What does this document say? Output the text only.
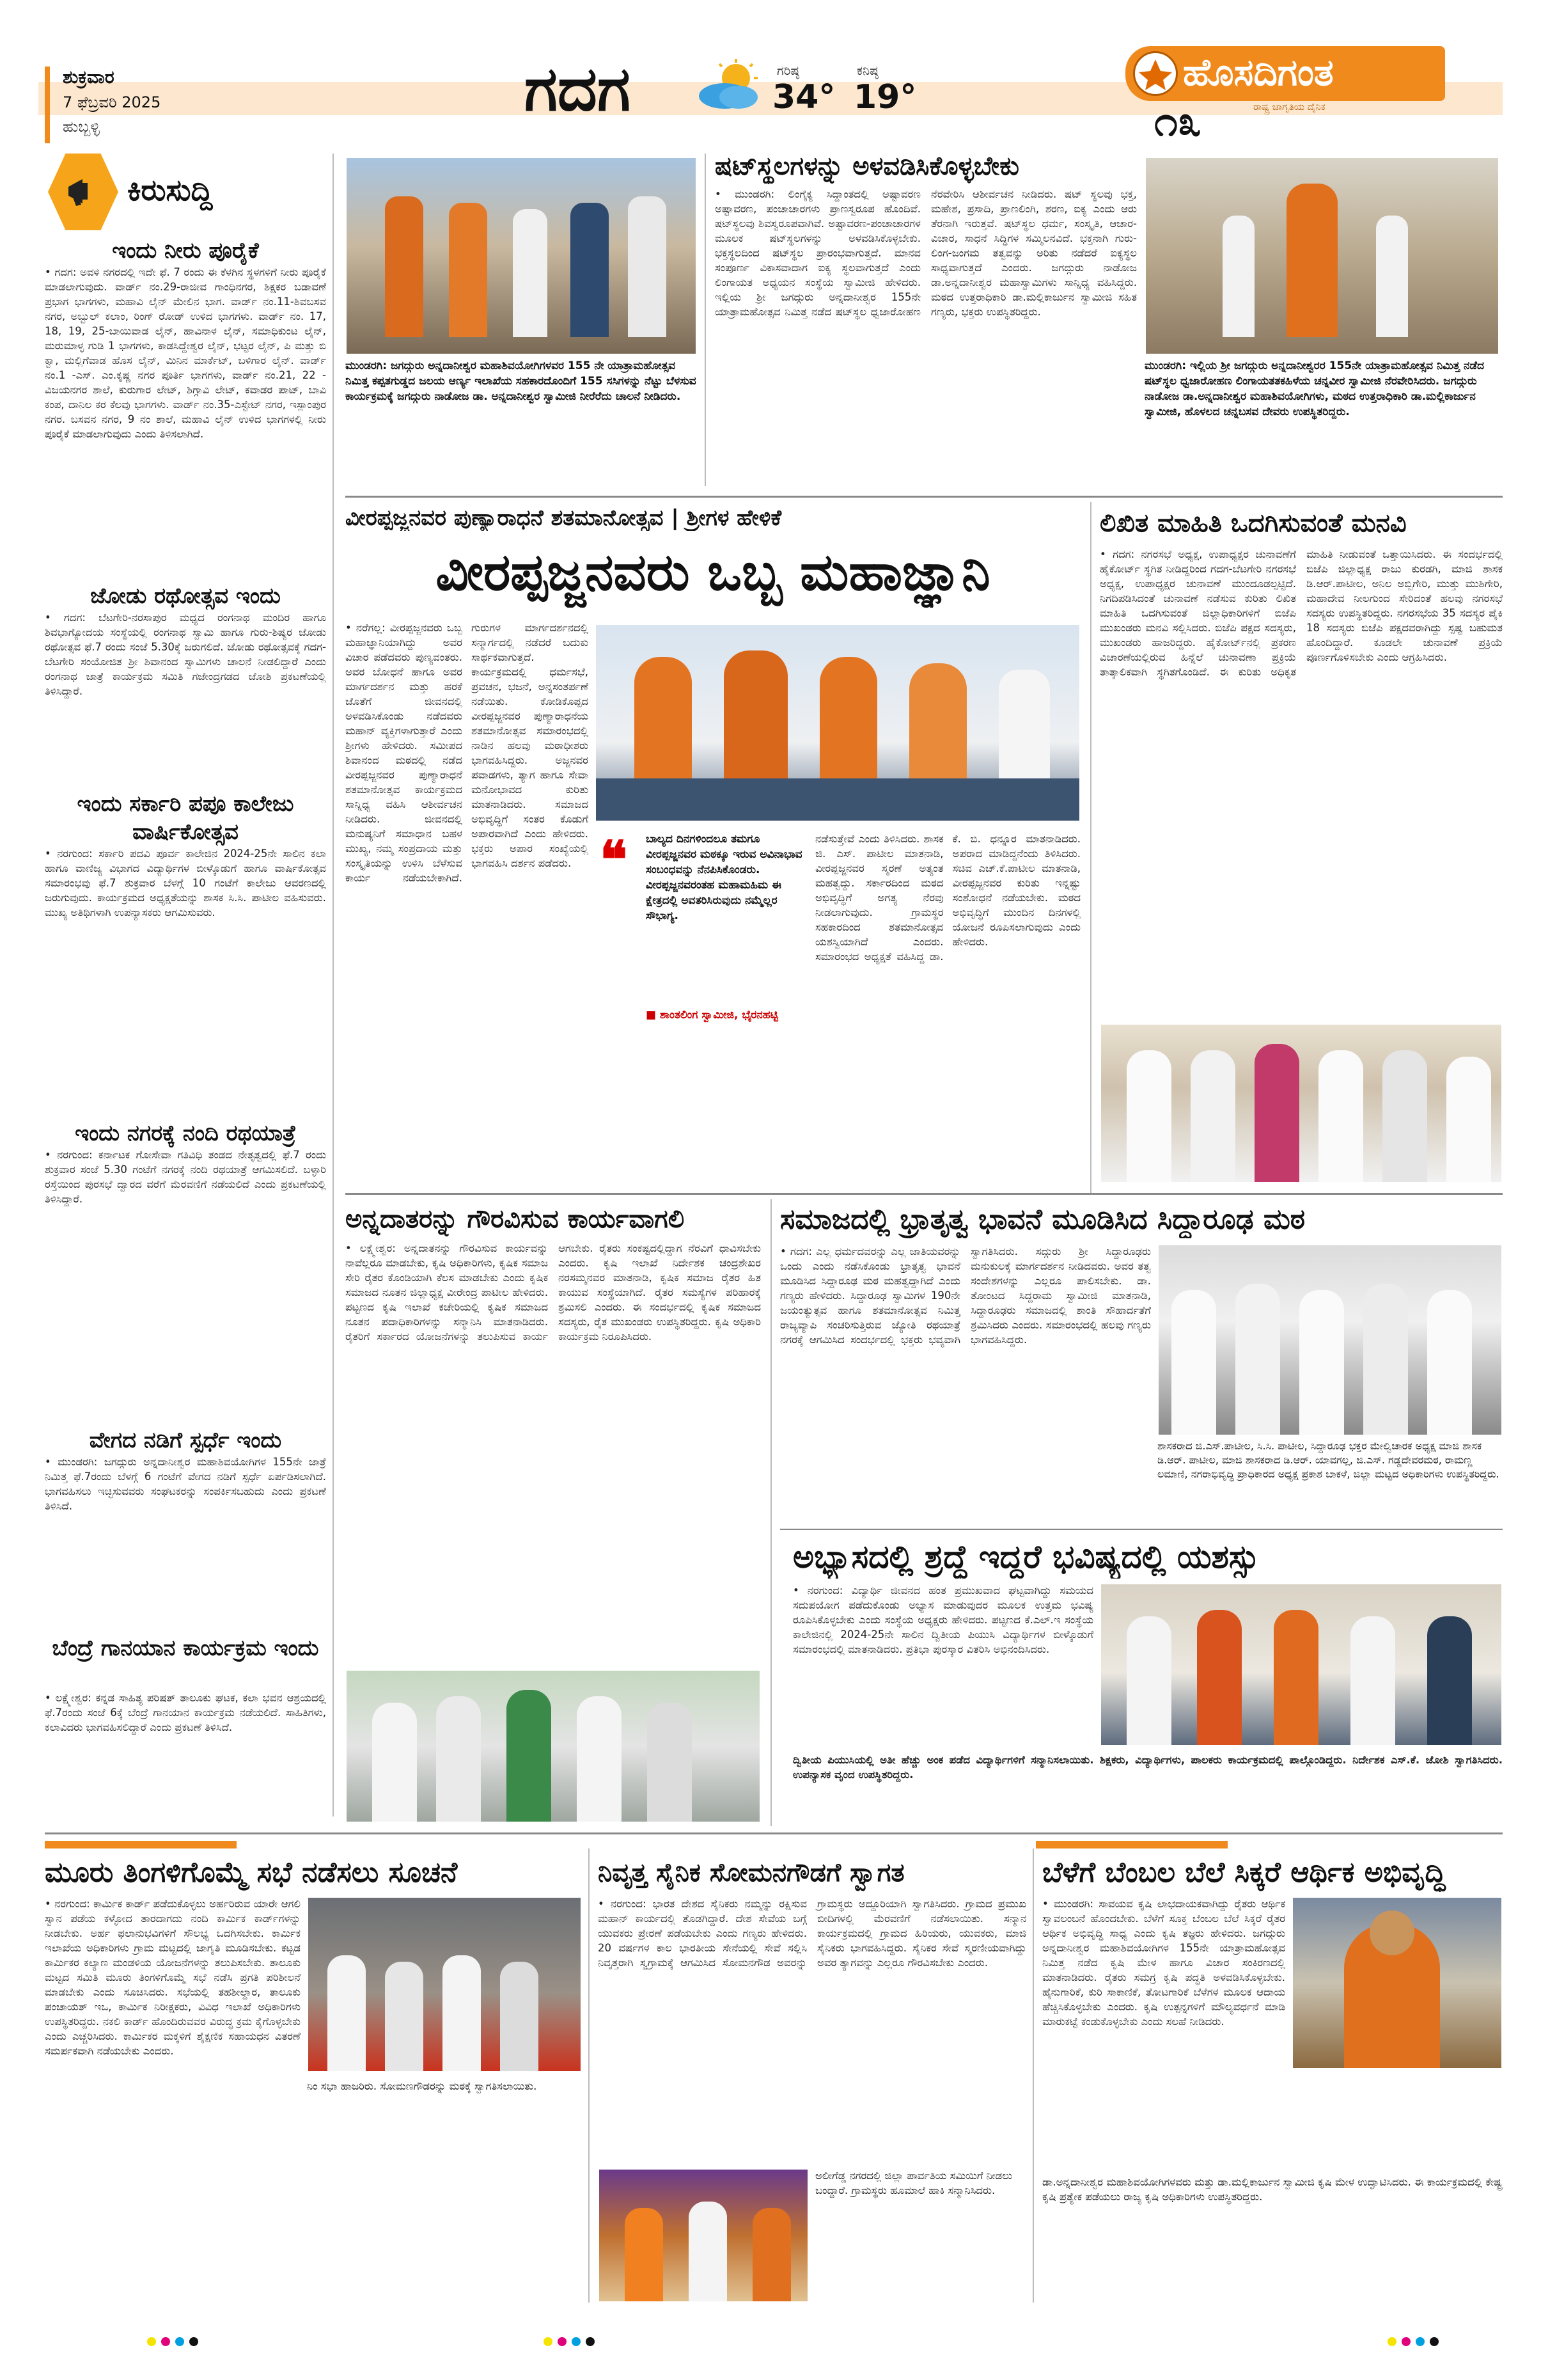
ಶುಕ್ರವಾರ
7 ಫೆಬ್ರವರಿ 2025
ಹುಬ್ಬಳ್ಳಿ
ಗದಗ	ಗರಿಷ್ಠ
34°
ಕನಿಷ್ಠ
19°
ಹೊಸದಿಗಂತ
ರಾಷ್ಟ್ರ ಜಾಗೃತಿಯ ದೈನಿಕ
೧೩
ಕಿರುಸುದ್ದಿ
ಇಂದು ನೀರು ಪೂರೈಕೆ
• ಗದಗ: ಅವಳಿ ನಗರದಲ್ಲಿ ಇದೇ ಫೆ. 7 ರಂದು ಈ ಕೆಳಗಿನ ಸ್ಥಳಗಳಿಗೆ ನೀರು ಪೂರೈಕೆ ಮಾಡಲಾಗುವುದು. ವಾರ್ಡ್ ನಂ.29-ರಾಜೀವ ಗಾಂಧಿನಗರ, ಶಿಕ್ಷಕರ ಬಡಾವಣೆ ಪ್ರಭಾಗ ಭಾಗಗಳು, ಮಹಾವಿ ಲೈನ್ ಮೇಲಿನ ಭಾಗ. ವಾರ್ಡ್ ನಂ.11-ಶಿವಬಸವ ನಗರ, ಅಬ್ಬುಲ್ ಕಲಾಂ, ರಿಂಗ್ ರೋಡ್ ಉಳಿದ ಭಾಗಗಳು. ವಾರ್ಡ್ ನಂ. 17, 18, 19, 25-ಬಾಯಿವಾಡ ಲೈನ್, ಹಾವಿನಾಳ ಲೈನ್, ಸಮಾಧಿಕುಂಟ ಲೈನ್, ಮರುಮಾಳ್ಳ ಗುಡಿ 1 ಭಾಗಗಳು, ಕಾಡಸಿದ್ದೇಶ್ವರ ಲೈನ್, ಭಟ್ಟರ ಲೈನ್, ಪಿ ಮತ್ತು ಬಿ ಕ್ವಾ, ಮಲ್ಲಿಗೆವಾಡ ಹೊಸ ಲೈನ್, ಮಿನಿನ ಮಾರ್ಕೆಟ್, ಬಳಿಗಾರ ಲೈನ್. ವಾರ್ಡ್ ನಂ.1 -ಎಸ್. ಎಂ.ಕೃಷ್ಣ ನಗರ ಪೂರ್ತಿ ಭಾಗಗಳು, ವಾರ್ಡ್ ನಂ.21, 22 - ವಿಜಯನಗರ ಶಾಲೆ, ಕುರುಗಾರ ಲೇಟ್, ಶಿಗ್ಗಾವಿ ಲೇಟ್, ಕವಾಡರ ಪಾಟ್, ಬಾವಿ ಕಂಪ, ದಾನಿಲ ಕರ ಕೆಲವು ಭಾಗಗಳು. ವಾರ್ಡ್ ನಂ.35-ಎಸ್ಟೇಟ್ ನಗರ, ಇಸ್ಲಾಂಪುರ ನಗರ. ಬಸವನ ನಗರ, 9 ನಂ ಶಾಲೆ, ಮಹಾವಿ ಲೈನ್ ಉಳಿದ ಭಾಗಗಳಲ್ಲಿ ನೀರು ಪೂರೈಕೆ ಮಾಡಲಾಗುವುದು ಎಂದು ತಿಳಿಸಲಾಗಿದೆ.
ಜೋಡು ರಥೋತ್ಸವ ಇಂದು
• ಗದಗ: ಬೆಟಗೇರಿ-ನರಸಾಪುರ ಮಧ್ಯದ ರಂಗನಾಥ ಮಂದಿರ ಹಾಗೂ ಶಿವಭಾಗ್ಯೋದಯ ಸಂಸ್ಥೆಯಲ್ಲಿ ರಂಗನಾಥ ಸ್ವಾಮಿ ಹಾಗೂ ಗುರು-ಶಿಷ್ಯರ ಜೋಡು ರಥೋತ್ಸವ ಫೆ.7 ರಂದು ಸಂಜೆ 5.30ಕ್ಕೆ ಜರುಗಲಿದೆ. ಜೋಡು ರಥೋತ್ಸವಕ್ಕೆ ಗದಗ-ಬೆಟಗೇರಿ ಸಂಯೋಜಿತ ಶ್ರೀ ಶಿವಾನಂದ ಸ್ವಾಮಿಗಳು ಚಾಲನೆ ನೀಡಲಿದ್ದಾರೆ ಎಂದು ರಂಗನಾಥ ಜಾತ್ರೆ ಕಾರ್ಯಕ್ರಮ ಸಮಿತಿ ಗಜೇಂದ್ರಗಡದ ಜೋಶಿ ಪ್ರಕಟಣೆಯಲ್ಲಿ ತಿಳಿಸಿದ್ದಾರೆ.
ಇಂದು ಸರ್ಕಾರಿ ಪಪೂ ಕಾಲೇಜು ವಾರ್ಷಿಕೋತ್ಸವ
• ನರಗುಂದ: ಸರ್ಕಾರಿ ಪದವಿ ಪೂರ್ವ ಕಾಲೇಜಿನ 2024-25ನೇ ಸಾಲಿನ ಕಲಾ ಹಾಗೂ ವಾಣಿಜ್ಯ ವಿಭಾಗದ ವಿದ್ಯಾರ್ಥಿಗಳ ಬೀಳ್ಕೊಡುಗೆ ಹಾಗೂ ವಾರ್ಷಿಕೋತ್ಸವ ಸಮಾರಂಭವು ಫೆ.7 ಶುಕ್ರವಾರ ಬೆಳಗ್ಗೆ 10 ಗಂಟೆಗೆ ಕಾಲೇಜು ಆವರಣದಲ್ಲಿ ಜರುಗುವುದು. ಕಾರ್ಯಕ್ರಮದ ಅಧ್ಯಕ್ಷತೆಯನ್ನು ಶಾಸಕ ಸಿ.ಸಿ. ಪಾಟೀಲ ವಹಿಸುವರು. ಮುಖ್ಯ ಅತಿಥಿಗಳಾಗಿ ಉಪನ್ಯಾಸಕರು ಆಗಮಿಸುವರು.
ಇಂದು ನಗರಕ್ಕೆ ನಂದಿ ರಥಯಾತ್ರೆ
• ನರಗುಂದ: ಕರ್ನಾಟಕ ಗೋಸೇವಾ ಗತಿವಿಧಿ ತಂಡದ ನೇತೃತ್ವದಲ್ಲಿ ಫೆ.7 ರಂದು ಶುಕ್ರವಾರ ಸಂಜೆ 5.30 ಗಂಟೆಗೆ ನಗರಕ್ಕೆ ನಂದಿ ರಥಯಾತ್ರೆ ಆಗಮಿಸಲಿದೆ. ಬಳ್ಳಾರಿ ರಸ್ತೆಯಿಂದ ಪುರಸಭೆ ದ್ವಾರದ ವರೆಗೆ ಮೆರವಣಿಗೆ ನಡೆಯಲಿದೆ ಎಂದು ಪ್ರಕಟಣೆಯಲ್ಲಿ ತಿಳಿಸಿದ್ದಾರೆ.
ವೇಗದ ನಡಿಗೆ ಸ್ಪರ್ಧೆ ಇಂದು
• ಮುಂಡರಗಿ: ಜಗದ್ಗುರು ಅನ್ನದಾನೀಶ್ವರ ಮಹಾಶಿವಯೋಗಿಗಳ 155ನೇ ಜಾತ್ರೆ ನಿಮಿತ್ತ ಫೆ.7ರಂದು ಬೆಳಗ್ಗೆ 6 ಗಂಟೆಗೆ ವೇಗದ ನಡಿಗೆ ಸ್ಪರ್ಧೆ ಏರ್ಪಡಿಸಲಾಗಿದೆ. ಭಾಗವಹಿಸಲು ಇಚ್ಛಿಸುವವರು ಸಂಘಟಕರನ್ನು ಸಂಪರ್ಕಿಸಬಹುದು ಎಂದು ಪ್ರಕಟಣೆ ತಿಳಿಸಿದೆ.
ಬೆಂದ್ರೆ ಗಾನಯಾನ ಕಾರ್ಯಕ್ರಮ ಇಂದು
• ಲಕ್ಷ್ಮೇಶ್ವರ: ಕನ್ನಡ ಸಾಹಿತ್ಯ ಪರಿಷತ್ ತಾಲೂಕು ಘಟಕ, ಕಲಾ ಭವನ ಆಶ್ರಯದಲ್ಲಿ ಫೆ.7ರಂದು ಸಂಜೆ 6ಕ್ಕೆ ಬೆಂದ್ರೆ ಗಾನಯಾನ ಕಾರ್ಯಕ್ರಮ ನಡೆಯಲಿದೆ. ಸಾಹಿತಿಗಳು, ಕಲಾವಿದರು ಭಾಗವಹಿಸಲಿದ್ದಾರೆ ಎಂದು ಪ್ರಕಟಣೆ ತಿಳಿಸಿದೆ.
ಮುಂಡರಗಿ: ಜಗದ್ಗುರು ಅನ್ನದಾನೀಶ್ವರ ಮಹಾಶಿವಯೋಗಿಗಳವರ 155 ನೇ ಯಾತ್ರಾಮಹೋತ್ಸವ ನಿಮಿತ್ತ ಕಪ್ಪತಗುಡ್ಡದ ಜಲಯ ಆರ್ಣ್ಯ ಇಲಾಖೆಯ ಸಹಕಾರದೊಂದಿಗೆ 155 ಸಸಿಗಳನ್ನು ನೆಟ್ಟು ಬೆಳಸುವ ಕಾರ್ಯಕ್ರಮಕ್ಕೆ ಜಗದ್ಗುರು ನಾಡೋಜ ಡಾ. ಅನ್ನದಾನೀಶ್ವರ ಸ್ವಾಮೀಜಿ ನೀರೆರೆದು ಚಾಲನೆ ನೀಡಿದರು.
ಷಟ್‌ಸ್ಥಲಗಳನ್ನು ಅಳವಡಿಸಿಕೊಳ್ಳಬೇಕು
• ಮುಂಡರಗಿ: ಲಿಂಗೈಕ್ಯ ಸಿದ್ದಾಂತದಲ್ಲಿ ಅಷ್ಟಾವರಣ ಅಷ್ಟಾವರಣ, ಪಂಚಾಚಾರಗಳು ಪ್ರಾಣಸ್ವರೂಪ ಹೊಂದಿವೆ. ಷಟ್‌ಸ್ಥಲವು ಶಿವಸ್ವರೂಪವಾಗಿವೆ. ಅಷ್ಟಾವರಣ-ಪಂಚಾಚಾರಗಳ ಮೂಲಕ ಷಟ್‌ಸ್ಥಲಗಳನ್ನು ಅಳವಡಿಸಿಕೊಳ್ಳಬೇಕು. ಭಕ್ತಸ್ಥಲದಿಂದ ಷಟ್‌ಸ್ಥಲ ಪ್ರಾರಂಭವಾಗುತ್ತದೆ. ಮಾನವ ಸಂಪೂರ್ಣ ವಿಕಾಸವಾದಾಗ ಐಕ್ಯ ಸ್ಥಲವಾಗುತ್ತದೆ ಎಂದು ಲಿಂಗಾಯತ ಅಧ್ಯಯನ ಸಂಸ್ಥೆಯ ಸ್ವಾಮೀಜಿ ಹೇಳಿದರು. ಇಲ್ಲಿಯ ಶ್ರೀ ಜಗದ್ಗುರು ಅನ್ನದಾನೀಶ್ವರ 155ನೇ ಯಾತ್ರಾಮಹೋತ್ಸವ ನಿಮಿತ್ತ ನಡೆದ ಷಟ್‌ಸ್ಥಲ ಧ್ವಜಾರೋಹಣ ನೆರವೇರಿಸಿ ಆಶೀರ್ವಚನ ನೀಡಿದರು. ಷಟ್ ಸ್ಥಲವು ಭಕ್ತ, ಮಹೇಶ, ಪ್ರಸಾದಿ, ಪ್ರಾಣಲಿಂಗಿ, ಶರಣ, ಐಕ್ಯ ಎಂದು ಆರು ತೆರನಾಗಿ ಇರುತ್ತವೆ. ಷಟ್‌ಸ್ಥಲ ಧರ್ಮ, ಸಂಸ್ಕೃತಿ, ಆಚಾರ-ವಿಚಾರ, ಸಾಧನೆ ಸಿದ್ಧಿಗಳ ಸಮ್ಮಿಲನವಿದೆ. ಭಕ್ತನಾಗಿ ಗುರು-ಲಿಂಗ-ಜಂಗಮ ತತ್ವವನ್ನು ಅರಿತು ನಡೆದರೆ ಐಕ್ಯಸ್ಥಲ ಸಾಧ್ಯವಾಗುತ್ತದೆ ಎಂದರು. ಜಗದ್ಗುರು ನಾಡೋಜ ಡಾ.ಅನ್ನದಾನೀಶ್ವರ ಮಹಾಸ್ವಾಮಿಗಳು ಸಾನ್ನಿಧ್ಯ ವಹಿಸಿದ್ದರು. ಮಠದ ಉತ್ತರಾಧಿಕಾರಿ ಡಾ.ಮಲ್ಲಿಕಾರ್ಜುನ ಸ್ವಾಮೀಜಿ ಸಹಿತ ಗಣ್ಯರು, ಭಕ್ತರು ಉಪಸ್ಥಿತರಿದ್ದರು.
ಮುಂಡರಗಿ: ಇಲ್ಲಿಯ ಶ್ರೀ ಜಗದ್ಗುರು ಅನ್ನದಾನೀಶ್ವರರ 155ನೇ ಯಾತ್ರಾಮಹೋತ್ಸವ ನಿಮಿತ್ತ ನಡೆದ ಷಟ್‌ಸ್ಥಲ ಧ್ವಜಾರೋಹಣ ಲಿಂಗಾಯತತಕಹಿಳೆಯ ಚನ್ನವೀರ ಸ್ವಾಮೀಜಿ ನೆರವೇರಿಸಿದರು. ಜಗದ್ಗುರು ನಾಡೋಜ ಡಾ.ಅನ್ನದಾನೀಶ್ವರ ಮಹಾಶಿವಯೋಗಿಗಳು, ಮಠದ ಉತ್ತರಾಧಿಕಾರಿ ಡಾ.ಮಲ್ಲಿಕಾರ್ಜುನ ಸ್ವಾಮೀಜಿ, ಹೊಳಲದ ಚನ್ನಬಸವ ದೇವರು ಉಪಸ್ಥಿತರಿದ್ದರು.
ವೀರಪ್ಪಜ್ಜನವರ ಪುಣ್ಯಾರಾಧನೆ ಶತಮಾನೋತ್ಸವ | ಶ್ರೀಗಳ ಹೇಳಿಕೆ
ವೀರಪ್ಪಜ್ಜನವರು ಒಬ್ಬ ಮಹಾಜ್ಞಾನಿ
• ನರೆಗಲ್ಲ: ವೀರಪ್ಪಜ್ಜನವರು ಒಬ್ಬ ಮಹಾಜ್ಞಾನಿಯಾಗಿದ್ದು ಅವರ ವಿಚಾರ ಪಡೆದವರು ಪುಣ್ಯವಂತರು. ಅವರ ಬೋಧನೆ ಹಾಗೂ ಅವರ ಮಾರ್ಗದರ್ಶನ ಮತ್ತು ಹರಕೆ ಜೊತೆಗೆ ಜೀವನದಲ್ಲಿ ಅಳವಡಿಸಿಕೊಂಡು ನಡೆದವರು ಮಹಾನ್ ವ್ಯಕ್ತಿಗಳಾಗುತ್ತಾರೆ ಎಂದು ಶ್ರೀಗಳು ಹೇಳಿದರು. ಸಮೀಪದ ಶಿವಾನಂದ ಮಠದಲ್ಲಿ ನಡೆದ ವೀರಪ್ಪಜ್ಜನವರ ಪುಣ್ಯಾರಾಧನೆ ಶತಮಾನೋತ್ಸವ ಕಾರ್ಯಕ್ರಮದ ಸಾನ್ನಿಧ್ಯ ವಹಿಸಿ ಆಶೀರ್ವಚನ ನೀಡಿದರು. ಜೀವನದಲ್ಲಿ ಮನುಷ್ಯನಿಗೆ ಸಮಾಧಾನ ಬಹಳ ಮುಖ್ಯ, ನಮ್ಮ ಸಂಪ್ರದಾಯ ಮತ್ತು ಸಂಸ್ಕೃತಿಯನ್ನು ಉಳಿಸಿ ಬೆಳೆಸುವ ಕಾರ್ಯ ನಡೆಯಬೇಕಾಗಿದೆ. ಗುರುಗಳ ಮಾರ್ಗದರ್ಶನದಲ್ಲಿ ಸನ್ಮಾರ್ಗದಲ್ಲಿ ನಡೆದರೆ ಬದುಕು ಸಾರ್ಥಕವಾಗುತ್ತದೆ. ಕಾರ್ಯಕ್ರಮದಲ್ಲಿ ಧರ್ಮಸಭೆ, ಪ್ರವಚನ, ಭಜನೆ, ಅನ್ನಸಂತರ್ಪಣೆ ನಡೆಯಿತು. ಕೋಡಿಕೊಪ್ಪದ ವೀರಪ್ಪಜ್ಜನವರ ಪುಣ್ಯಾರಾಧನೆಯ ಶತಮಾನೋತ್ಸವ ಸಮಾರಂಭದಲ್ಲಿ ನಾಡಿನ ಹಲವು ಮಠಾಧೀಶರು ಭಾಗವಹಿಸಿದ್ದರು. ಅಜ್ಜನವರ ಪವಾಡಗಳು, ತ್ಯಾಗ ಹಾಗೂ ಸೇವಾ ಮನೋಭಾವದ ಕುರಿತು ಮಾತನಾಡಿದರು. ಸಮಾಜದ ಅಭಿವೃದ್ಧಿಗೆ ಸಂತರ ಕೊಡುಗೆ ಅಪಾರವಾಗಿದೆ ಎಂದು ಹೇಳಿದರು. ಭಕ್ತರು ಅಪಾರ ಸಂಖ್ಯೆಯಲ್ಲಿ ಭಾಗವಹಿಸಿ ದರ್ಶನ ಪಡೆದರು. ❝ ಬಾಲ್ಯದ ದಿನಗಳಿಂದಲೂ ತಮಗೂ ವೀರಪ್ಪಜ್ಜನವರ ಮಠಕ್ಕೂ ಇರುವ ಅವಿನಾಭಾವ ಸಂಬಂಧವನ್ನು ನೆನಪಿಸಿಕೊಂಡರು. ವೀರಪ್ಪಜ್ಜನವರಂತಹ ಮಹಾಮಹಿಮ ಈ ಕ್ಷೇತ್ರದಲ್ಲಿ ಅವತರಿಸಿರುವುದು ನಮ್ಮೆಲ್ಲರ ಸೌಭಾಗ್ಯ.
■ ಶಾಂತಲಿಂಗ ಸ್ವಾಮೀಜಿ, ಭೈರನಹಟ್ಟಿ
ನಡೆಸುತ್ತೇವೆ ಎಂದು ತಿಳಿಸಿದರು. ಶಾಸಕ ಜಿ. ಎಸ್. ಪಾಟೀಲ ಮಾತನಾಡಿ, ವೀರಪ್ಪಜ್ಜನವರ ಸ್ಮರಣೆ ಅತ್ಯಂತ ಮಹತ್ವದ್ದು. ಸರ್ಕಾರದಿಂದ ಮಠದ ಅಭಿವೃದ್ಧಿಗೆ ಅಗತ್ಯ ನೆರವು ನೀಡಲಾಗುವುದು. ಗ್ರಾಮಸ್ಥರ ಸಹಕಾರದಿಂದ ಶತಮಾನೋತ್ಸವ ಯಶಸ್ವಿಯಾಗಿದೆ ಎಂದರು. ಸಮಾರಂಭದ ಅಧ್ಯಕ್ಷತೆ ವಹಿಸಿದ್ದ ಡಾ. ಕೆ. ಬಿ. ಧನ್ನೂರ ಮಾತನಾಡಿದರು. ಅಪರಾದ ಮಾಡಿದ್ದನೆಂದು ತಿಳಿಸಿದರು. ಸಚಿವ ಎಚ್.ಕೆ.ಪಾಟೀಲ ಮಾತನಾಡಿ, ವೀರಪ್ಪಜ್ಜನವರ ಕುರಿತು ಇನ್ನಷ್ಟು ಸಂಶೋಧನೆ ನಡೆಯಬೇಕು. ಮಠದ ಅಭಿವೃದ್ಧಿಗೆ ಮುಂದಿನ ದಿನಗಳಲ್ಲಿ ಯೋಜನೆ ರೂಪಿಸಲಾಗುವುದು ಎಂದು ಹೇಳಿದರು.
ಲಿಖಿತ ಮಾಹಿತಿ ಒದಗಿಸುವಂತೆ ಮನವಿ
• ಗದಗ: ನಗರಸಭೆ ಅಧ್ಯಕ್ಷ, ಉಪಾಧ್ಯಕ್ಷರ ಚುನಾವಣೆಗೆ ಹೈಕೋರ್ಟ್ ಸ್ಥಗಿತ ನೀಡಿದ್ದರಿಂದ ಗದಗ-ಬೆಟಗೇರಿ ನಗರಸಭೆ ಅಧ್ಯಕ್ಷ, ಉಪಾಧ್ಯಕ್ಷರ ಚುನಾವಣೆ ಮುಂದೂಡಲ್ಪಟ್ಟಿದೆ. ನಿಗದಿಪಡಿಸಿದಂತೆ ಚುನಾವಣೆ ನಡೆಸುವ ಕುರಿತು ಲಿಖಿತ ಮಾಹಿತಿ ಒದಗಿಸುವಂತೆ ಜಿಲ್ಲಾಧಿಕಾರಿಗಳಿಗೆ ಬಿಜೆಪಿ ಮುಖಂಡರು ಮನವಿ ಸಲ್ಲಿಸಿದರು. ಬಿಜೆಪಿ ಪಕ್ಷದ ಸದಸ್ಯರು, ಮುಖಂಡರು ಹಾಜರಿದ್ದರು. ಹೈಕೋರ್ಟ್‌ನಲ್ಲಿ ಪ್ರಕರಣ ವಿಚಾರಣೆಯಲ್ಲಿರುವ ಹಿನ್ನೆಲೆ ಚುನಾವಣಾ ಪ್ರಕ್ರಿಯೆ ತಾತ್ಕಾಲಿಕವಾಗಿ ಸ್ಥಗಿತಗೊಂಡಿದೆ. ಈ ಕುರಿತು ಅಧಿಕೃತ ಮಾಹಿತಿ ನೀಡುವಂತೆ ಒತ್ತಾಯಿಸಿದರು. ಈ ಸಂದರ್ಭದಲ್ಲಿ ಬಿಜೆಪಿ ಜಿಲ್ಲಾಧ್ಯಕ್ಷ ರಾಜು ಕುರಡಗಿ, ಮಾಜಿ ಶಾಸಕ ಡಿ.ಆರ್.ಪಾಟೀಲ, ಅನಿಲ ಅಬ್ಬಿಗೇರಿ, ಮುತ್ತು ಮುಶಿಗೇರಿ, ಮಹಾದೇವ ನೀಲಗುಂದ ಸೇರಿದಂತೆ ಹಲವು ನಗರಸಭೆ ಸದಸ್ಯರು ಉಪಸ್ಥಿತರಿದ್ದರು. ನಗರಸಭೆಯ 35 ಸದಸ್ಯರ ಪೈಕಿ 18 ಸದಸ್ಯರು ಬಿಜೆಪಿ ಪಕ್ಷದವರಾಗಿದ್ದು ಸ್ಪಷ್ಟ ಬಹುಮತ ಹೊಂದಿದ್ದಾರೆ. ಕೂಡಲೇ ಚುನಾವಣೆ ಪ್ರಕ್ರಿಯೆ ಪೂರ್ಣಗೊಳಿಸಬೇಕು ಎಂದು ಆಗ್ರಹಿಸಿದರು.
ಅನ್ನದಾತರನ್ನು ಗೌರವಿಸುವ ಕಾರ್ಯವಾಗಲಿ
• ಲಕ್ಷ್ಮೇಶ್ವರ: ಅನ್ನದಾತನನ್ನು ಗೌರವಿಸುವ ಕಾರ್ಯವನ್ನು ನಾವೆಲ್ಲರೂ ಮಾಡಬೇಕು, ಕೃಷಿ ಅಧಿಕಾರಿಗಳು, ಕೃಷಿಕ ಸಮಾಜ ಸೇರಿ ರೈತರ ಕೊಂಡಿಯಾಗಿ ಕೆಲಸ ಮಾಡಬೇಕು ಎಂದು ಕೃಷಿಕ ಸಮಾಜದ ನೂತನ ಜಿಲ್ಲಾಧ್ಯಕ್ಷ ವೀರೇಂದ್ರ ಪಾಟೀಲ ಹೇಳಿದರು. ಪಟ್ಟಣದ ಕೃಷಿ ಇಲಾಖೆ ಕಚೇರಿಯಲ್ಲಿ ಕೃಷಿಕ ಸಮಾಜದ ನೂತನ ಪದಾಧಿಕಾರಿಗಳನ್ನು ಸನ್ಮಾನಿಸಿ ಮಾತನಾಡಿದರು. ರೈತರಿಗೆ ಸರ್ಕಾರದ ಯೋಜನೆಗಳನ್ನು ತಲುಪಿಸುವ ಕಾರ್ಯ ಆಗಬೇಕು. ರೈತರು ಸಂಕಷ್ಟದಲ್ಲಿದ್ದಾಗ ನೆರವಿಗೆ ಧಾವಿಸಬೇಕು ಎಂದರು. ಕೃಷಿ ಇಲಾಖೆ ನಿರ್ದೇಶಕ ಚಂದ್ರಶೇಖರ ನರಸಮ್ಮನವರ ಮಾತನಾಡಿ, ಕೃಷಿಕ ಸಮಾಜ ರೈತರ ಹಿತ ಕಾಯುವ ಸಂಸ್ಥೆಯಾಗಿದೆ. ರೈತರ ಸಮಸ್ಯೆಗಳ ಪರಿಹಾರಕ್ಕೆ ಶ್ರಮಿಸಲಿ ಎಂದರು. ಈ ಸಂದರ್ಭದಲ್ಲಿ ಕೃಷಿಕ ಸಮಾಜದ ಸದಸ್ಯರು, ರೈತ ಮುಖಂಡರು ಉಪಸ್ಥಿತರಿದ್ದರು. ಕೃಷಿ ಅಧಿಕಾರಿ ಕಾರ್ಯಕ್ರಮ ನಿರೂಪಿಸಿದರು.
ಸಮಾಜದಲ್ಲಿ ಭ್ರಾತೃತ್ವ ಭಾವನೆ ಮೂಡಿಸಿದ ಸಿದ್ದಾರೂಢ ಮಠ
• ಗದಗ: ಎಲ್ಲ ಧರ್ಮದವರನ್ನು ಎಲ್ಲ ಜಾತಿಯವರನ್ನು ಒಂದು ಎಂದು ನಡೆಸಿಕೊಂಡು ಭ್ರಾತೃತ್ವ ಭಾವನೆ ಮೂಡಿಸಿದ ಸಿದ್ದಾರೂಢ ಮಠ ಮಹತ್ವದ್ದಾಗಿದೆ ಎಂದು ಗಣ್ಯರು ಹೇಳಿದರು. ಸಿದ್ದಾರೂಢ ಸ್ವಾಮಿಗಳ 190ನೇ ಜಯಂತ್ಯುತ್ಸವ ಹಾಗೂ ಶತಮಾನೋತ್ಸವ ನಿಮಿತ್ತ ರಾಜ್ಯವ್ಯಾಪಿ ಸಂಚರಿಸುತ್ತಿರುವ ಜ್ಯೋತಿ ರಥಯಾತ್ರೆ ನಗರಕ್ಕೆ ಆಗಮಿಸಿದ ಸಂದರ್ಭದಲ್ಲಿ ಭಕ್ತರು ಭವ್ಯವಾಗಿ ಸ್ವಾಗತಿಸಿದರು. ಸದ್ಗುರು ಶ್ರೀ ಸಿದ್ದಾರೂಢರು ಮನುಕುಲಕ್ಕೆ ಮಾರ್ಗದರ್ಶನ ನೀಡಿದವರು. ಅವರ ತತ್ವ ಸಂದೇಶಗಳನ್ನು ಎಲ್ಲರೂ ಪಾಲಿಸಬೇಕು. ಡಾ. ತೋಂಟದ ಸಿದ್ದರಾಮ ಸ್ವಾಮೀಜಿ ಮಾತನಾಡಿ, ಸಿದ್ದಾರೂಢರು ಸಮಾಜದಲ್ಲಿ ಶಾಂತಿ ಸೌಹಾರ್ದತೆಗೆ ಶ್ರಮಿಸಿದರು ಎಂದರು. ಸಮಾರಂಭದಲ್ಲಿ ಹಲವು ಗಣ್ಯರು ಭಾಗವಹಿಸಿದ್ದರು.
ಶಾಸಕರಾದ ಜಿ.ಎಸ್.ಪಾಟೀಲ, ಸಿ.ಸಿ. ಪಾಟೀಲ, ಸಿದ್ದಾರೂಢ ಭಕ್ತರ ಮೇಲ್ವಿಚಾರಕ ಅಧ್ಯಕ್ಷ ಮಾಜಿ ಶಾಸಕ ಡಿ.ಆರ್. ಪಾಟೀಲ, ಮಾಜಿ ಶಾಸಕರಾದ ಡಿ.ಆರ್. ಯಾವಗಲ್ಲ, ಜಿ.ಎಸ್. ಗಡ್ಡದೇವರಮಠ, ರಾಮಣ್ಣ ಲಮಾಣಿ, ನಗರಾಭಿವೃದ್ಧಿ ಪ್ರಾಧಿಕಾರದ ಅಧ್ಯಕ್ಷ ಪ್ರಕಾಶ ಬಾಕಳೆ, ಜಿಲ್ಲಾ ಮಟ್ಟದ ಅಧಿಕಾರಿಗಳು ಉಪಸ್ಥಿತರಿದ್ದರು.
ಅಭ್ಯಾಸದಲ್ಲಿ ಶ್ರದ್ಧೆ ಇದ್ದರೆ ಭವಿಷ್ಯದಲ್ಲಿ ಯಶಸ್ಸು
• ನರಗುಂದ: ವಿದ್ಯಾರ್ಥಿ ಜೀವನದ ಹಂತ ಪ್ರಮುಖವಾದ ಘಟ್ಟವಾಗಿದ್ದು ಸಮಯದ ಸದುಪಯೋಗ ಪಡೆದುಕೊಂಡು ಅಭ್ಯಾಸ ಮಾಡುವುದರ ಮೂಲಕ ಉತ್ತಮ ಭವಿಷ್ಯ ರೂಪಿಸಿಕೊಳ್ಳಬೇಕು ಎಂದು ಸಂಸ್ಥೆಯ ಅಧ್ಯಕ್ಷರು ಹೇಳಿದರು. ಪಟ್ಟಣದ ಕೆ.ಎಲ್.ಇ ಸಂಸ್ಥೆಯ ಕಾಲೇಜಿನಲ್ಲಿ 2024-25ನೇ ಸಾಲಿನ ದ್ವಿತೀಯ ಪಿಯುಸಿ ವಿದ್ಯಾರ್ಥಿಗಳ ಬೀಳ್ಕೊಡುಗೆ ಸಮಾರಂಭದಲ್ಲಿ ಮಾತನಾಡಿದರು. ಪ್ರತಿಭಾ ಪುರಸ್ಕಾರ ವಿತರಿಸಿ ಅಭಿನಂದಿಸಿದರು.
ದ್ವಿತೀಯ ಪಿಯುಸಿಯಲ್ಲಿ ಅತೀ ಹೆಚ್ಚು ಅಂಕ ಪಡೆದ ವಿದ್ಯಾರ್ಥಿಗಳಿಗೆ ಸನ್ಮಾನಿಸಲಾಯಿತು. ಶಿಕ್ಷಕರು, ವಿದ್ಯಾರ್ಥಿಗಳು, ಪಾಲಕರು ಕಾರ್ಯಕ್ರಮದಲ್ಲಿ ಪಾಲ್ಗೊಂಡಿದ್ದರು. ನಿರ್ದೇಶಕ ಎಸ್.ಕೆ. ಜೋಶಿ ಸ್ವಾಗತಿಸಿದರು. ಉಪನ್ಯಾಸಕ ವೃಂದ ಉಪಸ್ಥಿತರಿದ್ದರು.
ಮೂರು ತಿಂಗಳಿಗೊಮ್ಮೆ ಸಭೆ ನಡೆಸಲು ಸೂಚನೆ
• ನರಗುಂದ: ಕಾರ್ಮಿಕ ಕಾರ್ಡ್ ಪಡೆದುಕೊಳ್ಳಲು ಅರ್ಹರಿರುವ ಯಾರೇ ಆಗಲಿ ಸ್ವಾನ ಪಡೆಯ ಕಳ್ಳೋದ ತಾರದಾಗದು ನಂದಿ ಕಾರ್ಮಿಕ ಕಾರ್ಡ್‌ಗಳನ್ನು ನೀಡಬೇಕು. ಅರ್ಹ ಫಲಾನುಭವಿಗಳಿಗೆ ಸೌಲಭ್ಯ ಒದಗಿಸಬೇಕು. ಕಾರ್ಮಿಕ ಇಲಾಖೆಯ ಅಧಿಕಾರಿಗಳು ಗ್ರಾಮ ಮಟ್ಟದಲ್ಲಿ ಜಾಗೃತಿ ಮೂಡಿಸಬೇಕು. ಕಟ್ಟಡ ಕಾರ್ಮಿಕರ ಕಲ್ಯಾಣ ಮಂಡಳಿಯ ಯೋಜನೆಗಳನ್ನು ತಲುಪಿಸಬೇಕು. ತಾಲೂಕು ಮಟ್ಟದ ಸಮಿತಿ ಮೂರು ತಿಂಗಳಿಗೊಮ್ಮೆ ಸಭೆ ನಡೆಸಿ ಪ್ರಗತಿ ಪರಿಶೀಲನೆ ಮಾಡಬೇಕು ಎಂದು ಸೂಚಿಸಿದರು. ಸಭೆಯಲ್ಲಿ ತಹಶೀಲ್ದಾರ, ತಾಲೂಕು ಪಂಚಾಯತ್ ಇಒ, ಕಾರ್ಮಿಕ ನಿರೀಕ್ಷಕರು, ವಿವಿಧ ಇಲಾಖೆ ಅಧಿಕಾರಿಗಳು ಉಪಸ್ಥಿತರಿದ್ದರು. ನಕಲಿ ಕಾರ್ಡ್ ಹೊಂದಿರುವವರ ವಿರುದ್ಧ ಕ್ರಮ ಕೈಗೊಳ್ಳಬೇಕು ಎಂದು ಎಚ್ಚರಿಸಿದರು. ಕಾರ್ಮಿಕರ ಮಕ್ಕಳಿಗೆ ಶೈಕ್ಷಣಿಕ ಸಹಾಯಧನ ವಿತರಣೆ ಸಮರ್ಪಕವಾಗಿ ನಡೆಯಬೇಕು ಎಂದರು.
ನಿಂ ಸಭಾ ಹಾಜರಿರು. ಸೋಮಣಗೌಡರನ್ನು ಮಠಕ್ಕೆ ಸ್ವಾಗತಿಸಲಾಯಿತು.
ನಿವೃತ್ತ ಸೈನಿಕ ಸೋಮನಗೌಡಗೆ ಸ್ವಾಗತ
• ನರಗುಂದ: ಭಾರತ ದೇಶದ ಸೈನಿಕರು ನಮ್ಮನ್ನು ರಕ್ಷಿಸುವ ಮಹಾನ್ ಕಾರ್ಯದಲ್ಲಿ ತೊಡಗಿದ್ದಾರೆ. ದೇಶ ಸೇವೆಯ ಬಗ್ಗೆ ಯುವಕರು ಪ್ರೇರಣೆ ಪಡೆಯಬೇಕು ಎಂದು ಗಣ್ಯರು ಹೇಳಿದರು. 20 ವರ್ಷಗಳ ಕಾಲ ಭಾರತೀಯ ಸೇನೆಯಲ್ಲಿ ಸೇವೆ ಸಲ್ಲಿಸಿ ನಿವೃತ್ತರಾಗಿ ಸ್ವಗ್ರಾಮಕ್ಕೆ ಆಗಮಿಸಿದ ಸೋಮನಗೌಡ ಅವರನ್ನು ಗ್ರಾಮಸ್ಥರು ಅದ್ದೂರಿಯಾಗಿ ಸ್ವಾಗತಿಸಿದರು. ಗ್ರಾಮದ ಪ್ರಮುಖ ಬೀದಿಗಳಲ್ಲಿ ಮೆರವಣಿಗೆ ನಡೆಸಲಾಯಿತು. ಸನ್ಮಾನ ಕಾರ್ಯಕ್ರಮದಲ್ಲಿ ಗ್ರಾಮದ ಹಿರಿಯರು, ಯುವಕರು, ಮಾಜಿ ಸೈನಿಕರು ಭಾಗವಹಿಸಿದ್ದರು. ಸೈನಿಕರ ಸೇವೆ ಸ್ಮರಣೀಯವಾಗಿದ್ದು ಅವರ ತ್ಯಾಗವನ್ನು ಎಲ್ಲರೂ ಗೌರವಿಸಬೇಕು ಎಂದರು.
ಅಲೀಗೆಡ್ಡ ನಗರದಲ್ಲಿ ಜಿಲ್ಲಾ ಪಾರ್ವತಿಯ ಸಮಿಯಿಗೆ ನೀಡಲು ಬಂದ್ದಾರೆ. ಗ್ರಾಮಸ್ಥರು ಹೂಮಾಲೆ ಹಾಕಿ ಸನ್ಮಾನಿಸಿದರು.
ಬೆಳೆಗೆ ಬೆಂಬಲ ಬೆಲೆ ಸಿಕ್ಕರೆ ಆರ್ಥಿಕ ಅಭಿವೃದ್ಧಿ
• ಮುಂಡರಗಿ: ಸಾವಯವ ಕೃಷಿ ಲಾಭದಾಯಕವಾಗಿದ್ದು ರೈತರು ಆರ್ಥಿಕ ಸ್ವಾವಲಂಬನೆ ಹೊಂದಬೇಕು. ಬೆಳೆಗೆ ಸೂಕ್ತ ಬೆಂಬಲ ಬೆಲೆ ಸಿಕ್ಕರೆ ರೈತರ ಆರ್ಥಿಕ ಅಭಿವೃದ್ಧಿ ಸಾಧ್ಯ ಎಂದು ಕೃಷಿ ತಜ್ಞರು ಹೇಳಿದರು. ಜಗದ್ಗುರು ಅನ್ನದಾನೀಶ್ವರ ಮಹಾಶಿವಯೋಗಿಗಳ 155ನೇ ಯಾತ್ರಾಮಹೋತ್ಸವ ನಿಮಿತ್ತ ನಡೆದ ಕೃಷಿ ಮೇಳ ಹಾಗೂ ವಿಚಾರ ಸಂಕಿರಣದಲ್ಲಿ ಮಾತನಾಡಿದರು. ರೈತರು ಸಮಗ್ರ ಕೃಷಿ ಪದ್ಧತಿ ಅಳವಡಿಸಿಕೊಳ್ಳಬೇಕು. ಹೈನುಗಾರಿಕೆ, ಕುರಿ ಸಾಕಾಣಿಕೆ, ತೋಟಗಾರಿಕೆ ಬೆಳೆಗಳ ಮೂಲಕ ಆದಾಯ ಹೆಚ್ಚಿಸಿಕೊಳ್ಳಬೇಕು ಎಂದರು. ಕೃಷಿ ಉತ್ಪನ್ನಗಳಿಗೆ ಮೌಲ್ಯವರ್ಧನೆ ಮಾಡಿ ಮಾರುಕಟ್ಟೆ ಕಂಡುಕೊಳ್ಳಬೇಕು ಎಂದು ಸಲಹೆ ನೀಡಿದರು.
ಡಾ.ಅನ್ನದಾನೀಶ್ವರ ಮಹಾಶಿವಯೋಗಿಗಳವರು ಮತ್ತು ಡಾ.ಮಲ್ಲಿಕಾರ್ಜುನ ಸ್ವಾಮೀಜಿ ಕೃಷಿ ಮೇಳ ಉದ್ಘಾಟಿಸಿದರು. ಈ ಕಾರ್ಯಕ್ರಮದಲ್ಲಿ ಕೇಷ್ಟ್ರ ಕೃಷಿ ಪ್ರತ್ಯೇಕ ಪಡೆಯಲು ರಾಜ್ಯ ಕೃಷಿ ಅಧಿಕಾರಿಗಳು ಉಪಸ್ಥಿತರಿದ್ದರು.
